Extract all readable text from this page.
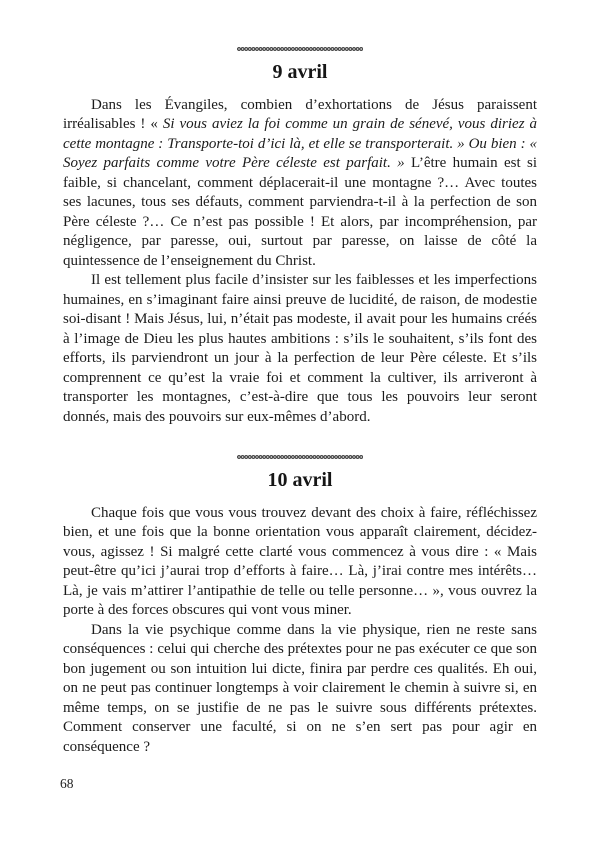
9 avril

Dans les Évangiles, combien d’exhortations de Jésus paraissent irréalisables ! « Si vous aviez la foi comme un grain de sénevé, vous diriez à cette montagne : Transporte-toi d’ici là, et elle se transporterait. » Ou bien : « Soyez parfaits comme votre Père céleste est parfait. » L’être humain est si faible, si chancelant, comment déplacerait-il une montagne ?… Avec toutes ses lacunes, tous ses défauts, comment parviendra-t-il à la perfection de son Père céleste ?… Ce n’est pas possible ! Et alors, par incompréhension, par négligence, par paresse, oui, surtout par paresse, on laisse de côté la quintessence de l’enseignement du Christ.

Il est tellement plus facile d’insister sur les faiblesses et les imperfections humaines, en s’imaginant faire ainsi preuve de lucidité, de raison, de modestie soi-disant ! Mais Jésus, lui, n’était pas modeste, il avait pour les humains créés à l’image de Dieu les plus hautes ambitions : s’ils le souhaitent, s’ils font des efforts, ils parviendront un jour à la perfection de leur Père céleste. Et s’ils comprennent ce qu’est la vraie foi et comment la cultiver, ils arriveront à transporter les montagnes, c’est-à-dire que tous les pouvoirs leur seront donnés, mais des pouvoirs sur eux-mêmes d’abord.

10 avril

Chaque fois que vous vous trouvez devant des choix à faire, réfléchissez bien, et une fois que la bonne orientation vous apparaît clairement, décidez-vous, agissez ! Si malgré cette clarté vous commencez à vous dire : « Mais peut-être qu’ici j’aurai trop d’efforts à faire… Là, j’irai contre mes intérêts… Là, je vais m’attirer l’antipathie de telle ou telle personne… », vous ouvrez la porte à des forces obscures qui vont vous miner.

Dans la vie psychique comme dans la vie physique, rien ne reste sans conséquences : celui qui cherche des prétextes pour ne pas exécuter ce que son bon jugement ou son intuition lui dicte, finira par perdre ces qualités. Eh oui, on ne peut pas continuer longtemps à voir clairement le chemin à suivre si, en même temps, on se justifie de ne pas le suivre sous différents prétextes. Comment conserver une faculté, si on ne s’en sert pas pour agir en conséquence ?

68
